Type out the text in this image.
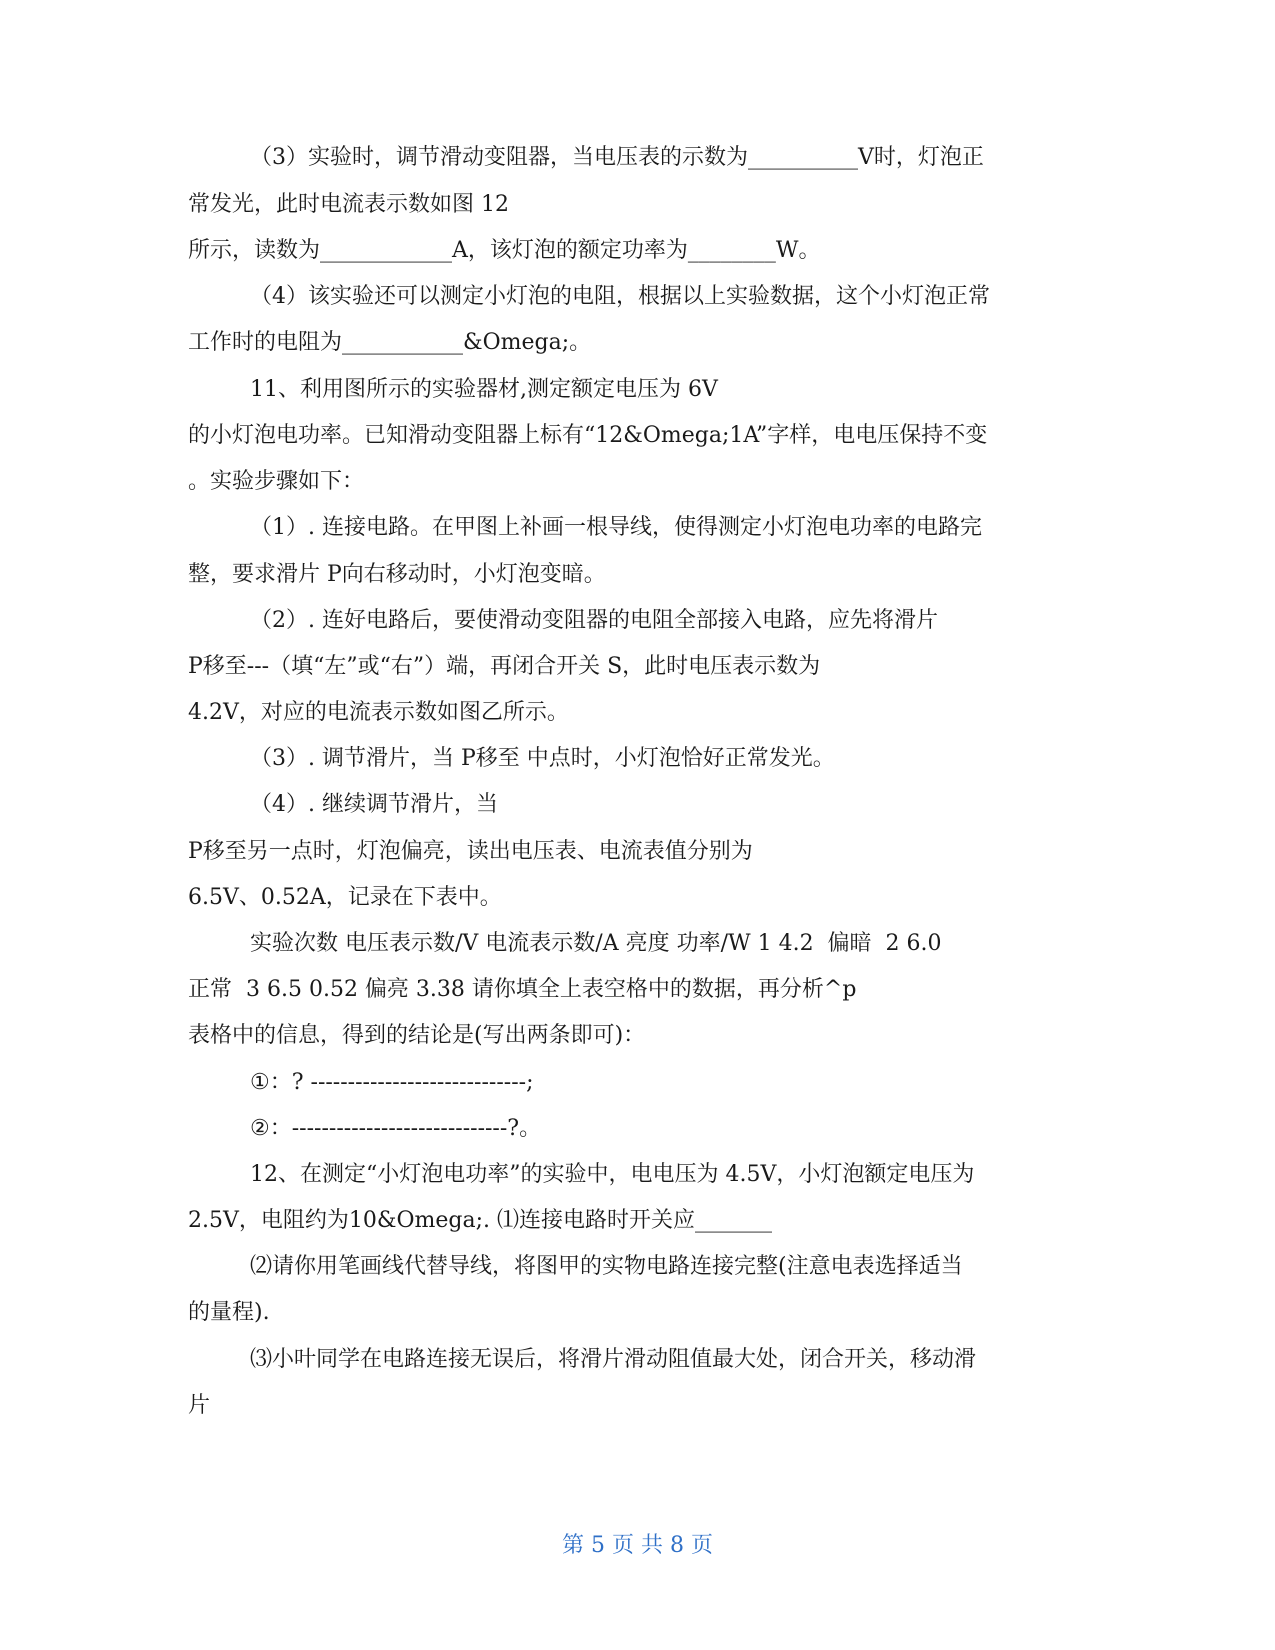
（3）实验时，调节滑动变阻器，当电压表的示数为__________V时，灯泡正

常发光，此时电流表示数如图 12

所示，读数为____________A，该灯泡的额定功率为________W。

（4）该实验还可以测定小灯泡的电阻，根据以上实验数据，这个小灯泡正常

工作时的电阻为___________&Omega;。

11、利用图所示的实验器材,测定额定电压为 6V

的小灯泡电功率。已知滑动变阻器上标有“12&Omega;1A”字样，电电压保持不变

。实验步骤如下：

（1）. 连接电路。在甲图上补画一根导线，使得测定小灯泡电功率的电路完

整，要求滑片 P向右移动时，小灯泡变暗。

（2）. 连好电路后，要使滑动变阻器的电阻全部接入电路，应先将滑片

P移至---（填“左”或“右”）端，再闭合开关 S，此时电压表示数为

4.2V，对应的电流表示数如图乙所示。

（3）. 调节滑片，当 P移至 中点时，小灯泡恰好正常发光。

（4）. 继续调节滑片，当

P移至另一点时，灯泡偏亮，读出电压表、电流表值分别为

6.5V、0.52A，记录在下表中。

实验次数 电压表示数/V 电流表示数/A 亮度 功率/W 1 4.2  偏暗  2 6.0

正常  3 6.5 0.52 偏亮 3.38 请你填全上表空格中的数据，再分析^p

表格中的信息，得到的结论是(写出两条即可)：

①：? -----------------------------;

②：-----------------------------?。

12、在测定“小灯泡电功率”的实验中，电电压为 4.5V，小灯泡额定电压为

2.5V，电阻约为10&Omega;. ⑴连接电路时开关应_______

⑵请你用笔画线代替导线，将图甲的实物电路连接完整(注意电表选择适当

的量程).

⑶小叶同学在电路连接无误后，将滑片滑动阻值最大处，闭合开关，移动滑

片

第 5 页 共 8 页
